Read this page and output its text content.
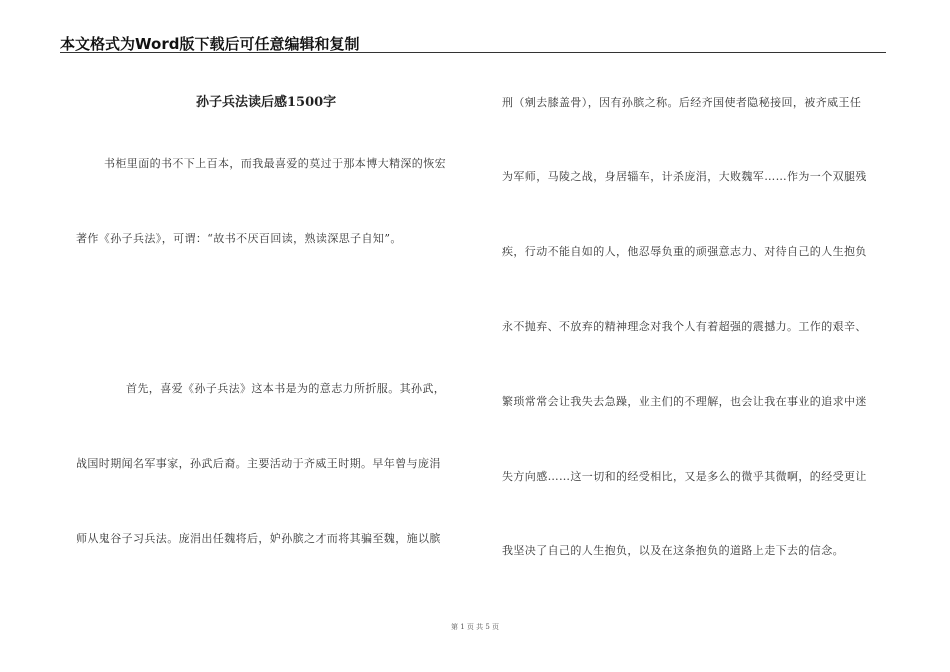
本文格式为Word版下载后可任意编辑和复制
孙子兵法读后感1500字
书柜里面的书不下上百本，而我最喜爱的莫过于那本博大精深的恢宏
著作《孙子兵法》，可谓：“故书不厌百回读，熟读深思子自知”。
首先，喜爱《孙子兵法》这本书是为的意志力所折服。其孙武，
战国时期闻名军事家，孙武后裔。主要活动于齐威王时期。早年曾与庞涓
师从鬼谷子习兵法。庞涓出任魏将后，妒孙膑之才而将其骗至魏，施以膑
刑（剜去膝盖骨），因有孙膑之称。后经齐国使者隐秘接回，被齐威王任
为军师，马陵之战，身居辎车，计杀庞涓，大败魏军……作为一个双腿残
疾，行动不能自如的人，他忍辱负重的顽强意志力、对待自己的人生抱负
永不抛弃、不放弃的精神理念对我个人有着超强的震撼力。工作的艰辛、
繁琐常常会让我失去急躁，业主们的不理解，也会让我在事业的追求中迷
失方向感……这一切和的经受相比，又是多么的微乎其微啊，的经受更让
我坚决了自己的人生抱负，以及在这条抱负的道路上走下去的信念。
第 1 页 共 5 页
